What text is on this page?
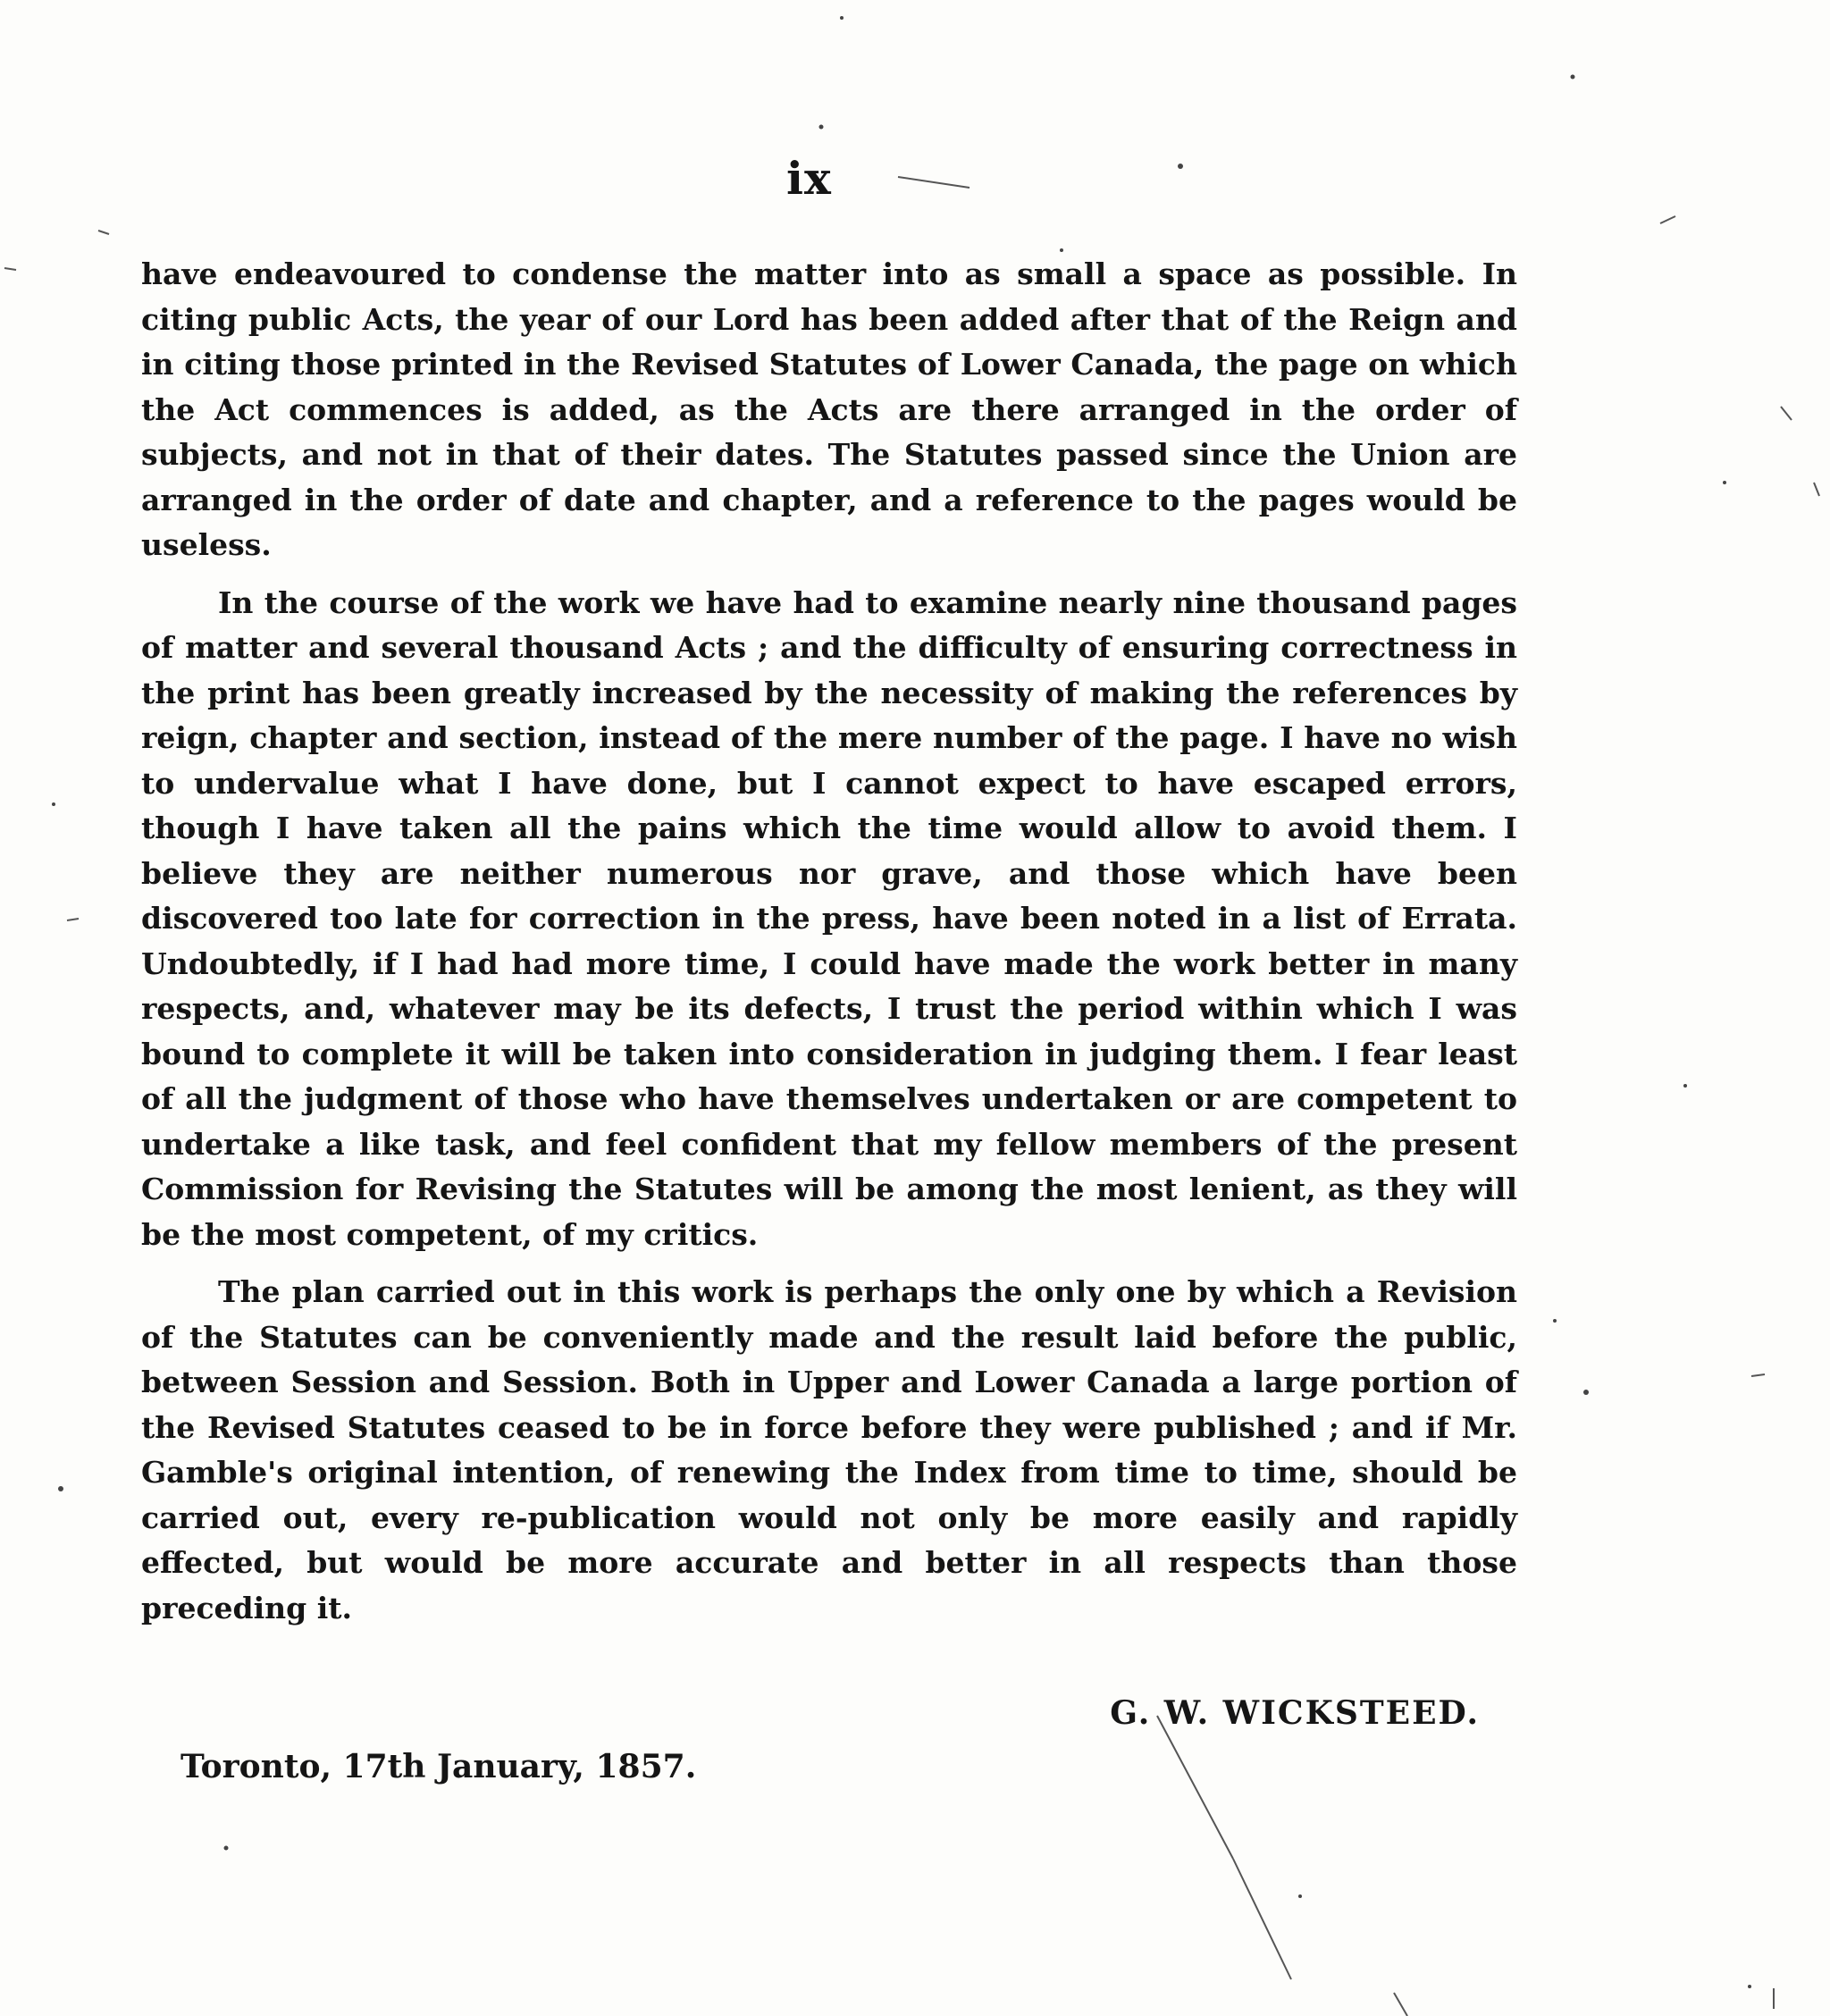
ix

have endeavoured to condense the matter into as small a space as possible. In citing public Acts, the year of our Lord has been added after that of the Reign and in citing those printed in the Revised Statutes of Lower Canada, the page on which the Act commences is added, as the Acts are there arranged in the order of subjects, and not in that of their dates. The Statutes passed since the Union are arranged in the order of date and chapter, and a reference to the pages would be useless.

In the course of the work we have had to examine nearly nine thousand pages of matter and several thousand Acts ; and the difficulty of ensuring correctness in the print has been greatly increased by the necessity of making the references by reign, chapter and section, instead of the mere number of the page. I have no wish to undervalue what I have done, but I cannot expect to have escaped errors, though I have taken all the pains which the time would allow to avoid them. I believe they are neither numerous nor grave, and those which have been discovered too late for correction in the press, have been noted in a list of Errata. Undoubtedly, if I had had more time, I could have made the work better in many respects, and, whatever may be its defects, I trust the period within which I was bound to complete it will be taken into consideration in judging them. I fear least of all the judgment of those who have themselves undertaken or are competent to undertake a like task, and feel confident that my fellow members of the present Commission for Revising the Statutes will be among the most lenient, as they will be the most competent, of my critics.

The plan carried out in this work is perhaps the only one by which a Revision of the Statutes can be conveniently made and the result laid before the public, between Session and Session. Both in Upper and Lower Canada a large portion of the Revised Statutes ceased to be in force before they were published ; and if Mr. Gamble's original intention, of renewing the Index from time to time, should be carried out, every re-publication would not only be more easily and rapidly effected, but would be more accurate and better in all respects than those preceding it.

G. W. WICKSTEED.
Toronto, 17th January, 1857.
